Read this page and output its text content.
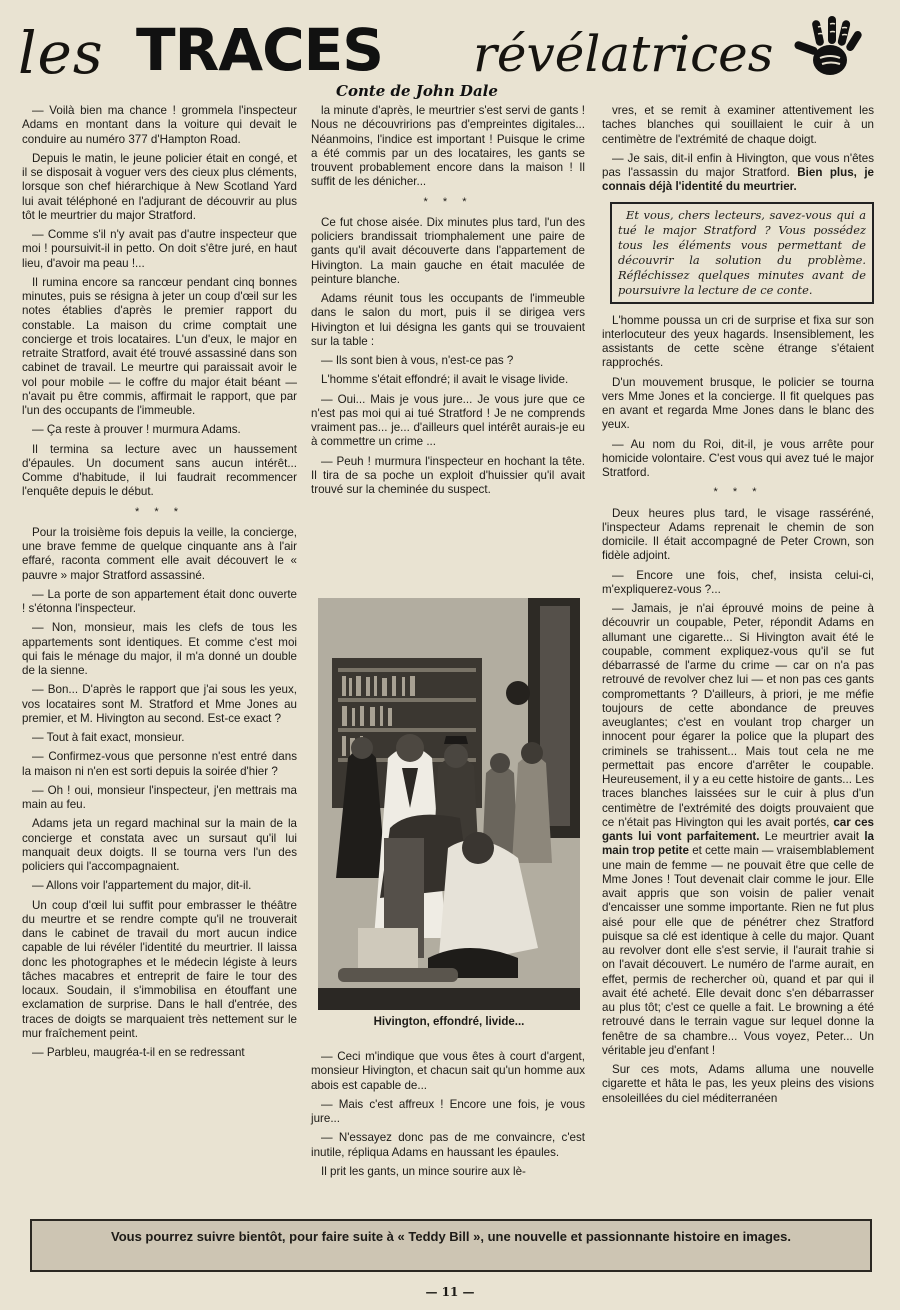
les TRACES révélatrices
Conte de John Dale

— Voilà bien ma chance ! grommela l'inspecteur Adams en montant dans la voiture qui devait le conduire au numéro 377 d'Hampton Road.

Depuis le matin, le jeune policier était en congé, et il se disposait à voguer vers des cieux plus cléments, lorsque son chef hiérarchique à New Scotland Yard lui avait téléphoné en l'adjurant de découvrir au plus tôt le meurtrier du major Stratford.

— Comme s'il n'y avait pas d'autre inspecteur que moi ! poursuivit-il in petto. On doit s'être juré, en haut lieu, d'avoir ma peau !...

Il rumina encore sa rancœur pendant cinq bonnes minutes, puis se résigna à jeter un coup d'œil sur les notes établies d'après le premier rapport du constable. La maison du crime comptait une concierge et trois locataires. L'un d'eux, le major en retraite Stratford, avait été trouvé assassiné dans son cabinet de travail. Le meurtre qui paraissait avoir le vol pour mobile — le coffre du major était béant — n'avait pu être commis, affirmait le rapport, que par l'un des occupants de l'immeuble.

— Ça reste à prouver ! murmura Adams.

Il termina sa lecture avec un haussement d'épaules. Un document sans aucun intérêt... Comme d'habitude, il lui faudrait recommencer l'enquête depuis le début.

* * *

Pour la troisième fois depuis la veille, la concierge, une brave femme de quelque cinquante ans à l'air effaré, raconta comment elle avait découvert le « pauvre » major Stratford assassiné.

— La porte de son appartement était donc ouverte ! s'étonna l'inspecteur.

— Non, monsieur, mais les clefs de tous les appartements sont identiques. Et comme c'est moi qui fais le ménage du major, il m'a donné un double de la sienne.

— Bon... D'après le rapport que j'ai sous les yeux, vos locataires sont M. Stratford et Mme Jones au premier, et M. Hivington au second. Est-ce exact ?

— Tout à fait exact, monsieur.

— Confirmez-vous que personne n'est entré dans la maison ni n'en est sorti depuis la soirée d'hier ?

— Oh ! oui, monsieur l'inspecteur, j'en mettrais ma main au feu.

Adams jeta un regard machinal sur la main de la concierge et constata avec un sursaut qu'il lui manquait deux doigts. Il se tourna vers l'un des policiers qui l'accompagnaient.

— Allons voir l'appartement du major, dit-il.

Un coup d'œil lui suffit pour embrasser le théâtre du meurtre et se rendre compte qu'il ne trouverait dans le cabinet de travail du mort aucun indice capable de lui révéler l'identité du meurtrier. Il laissa donc les photographes et le médecin légiste à leurs tâches macabres et entreprit de faire le tour des locaux. Soudain, il s'immobilisa en étouffant une exclamation de surprise. Dans le hall d'entrée, des traces de doigts se marquaient très nettement sur le mur fraîchement peint.

— Parbleu, maugréa-t-il en se redressant

la minute d'après, le meurtrier s'est servi de gants ! Nous ne découvririons pas d'empreintes digitales... Néanmoins, l'indice est important ! Puisque le crime a été commis par un des locataires, les gants se trouvent probablement encore dans la maison ! Il suffit de les dénicher...

* * *

Ce fut chose aisée. Dix minutes plus tard, l'un des policiers brandissait triomphalement une paire de gants qu'il avait découverte dans l'appartement de Hivington. La main gauche en était maculée de peinture blanche.

Adams réunit tous les occupants de l'immeuble dans le salon du mort, puis il se dirigea vers Hivington et lui désigna les gants qui se trouvaient sur la table :

— Ils sont bien à vous, n'est-ce pas ?

L'homme s'était effondré; il avait le visage livide.

— Oui... Mais je vous jure... Je vous jure que ce n'est pas moi qui ai tué Stratford ! Je ne comprends vraiment pas... je... d'ailleurs quel intérêt aurais-je eu à commettre un crime ...

— Peuh ! murmura l'inspecteur en hochant la tête. Il tira de sa poche un exploit d'huissier qu'il avait trouvé sur la cheminée du suspect.

Hivington, effondré, livide...

— Ceci m'indique que vous êtes à court d'argent, monsieur Hivington, et chacun sait qu'un homme aux abois est capable de...

— Mais c'est affreux ! Encore une fois, je vous jure...

— N'essayez donc pas de me convaincre, c'est inutile, répliqua Adams en haussant les épaules.

Il prit les gants, un mince sourire aux lè-

vres, et se remit à examiner attentivement les taches blanches qui souillaient le cuir à un centimètre de l'extrémité de chaque doigt.

— Je sais, dit-il enfin à Hivington, que vous n'êtes pas l'assassin du major Stratford. Bien plus, je connais déjà l'identité du meurtrier.

Et vous, chers lecteurs, savez-vous qui a tué le major Stratford ? Vous possédez tous les éléments vous permettant de découvrir la solution du problème. Réfléchissez quelques minutes avant de poursuivre la lecture de ce conte.

L'homme poussa un cri de surprise et fixa sur son interlocuteur des yeux hagards. Insensiblement, les assistants de cette scène étrange s'étaient rapprochés.

D'un mouvement brusque, le policier se tourna vers Mme Jones et la concierge. Il fit quelques pas en avant et regarda Mme Jones dans le blanc des yeux.

— Au nom du Roi, dit-il, je vous arrête pour homicide volontaire. C'est vous qui avez tué le major Stratford.

* * *

Deux heures plus tard, le visage rasséréné, l'inspecteur Adams reprenait le chemin de son domicile. Il était accompagné de Peter Crown, son fidèle adjoint.

— Encore une fois, chef, insista celui-ci, m'expliquerez-vous ?...

— Jamais, je n'ai éprouvé moins de peine à découvrir un coupable, Peter, répondit Adams en allumant une cigarette... Si Hivington avait été le coupable, comment expliquez-vous qu'il se fut débarrassé de l'arme du crime — car on n'a pas retrouvé de revolver chez lui — et non pas ces gants compromettants ? D'ailleurs, à priori, je me méfie toujours de cette abondance de preuves aveuglantes; c'est en voulant trop charger un innocent pour égarer la police que la plupart des criminels se trahissent... Mais tout cela ne me permettait pas encore d'arrêter le coupable. Heureusement, il y a eu cette histoire de gants... Les traces blanches laissées sur le cuir à plus d'un centimètre de l'extrémité des doigts prouvaient que ce n'était pas Hivington qui les avait portés, car ces gants lui vont parfaitement. Le meurtrier avait la main trop petite et cette main — vraisemblablement une main de femme — ne pouvait être que celle de Mme Jones ! Tout devenait clair comme le jour. Elle avait appris que son voisin de palier venait d'encaisser une somme importante. Rien ne fut plus aisé pour elle que de pénétrer chez Stratford puisque sa clé est identique à celle du major. Quant au revolver dont elle s'est servie, il l'aurait trahie si on l'avait découvert. Le numéro de l'arme aurait, en effet, permis de rechercher où, quand et par qui il avait été acheté. Elle devait donc s'en débarrasser au plus tôt; c'est ce quelle a fait. Le browning a été retrouvé dans le terrain vague sur lequel donne la fenêtre de sa chambre... Vous voyez, Peter... Un véritable jeu d'enfant !

Sur ces mots, Adams alluma une nouvelle cigarette et hâta le pas, les yeux pleins des visions ensoleillées du ciel méditerranéen

Vous pourrez suivre bientôt, pour faire suite à « Teddy Bill », une nouvelle et passionnante histoire en images.
— 11 —
